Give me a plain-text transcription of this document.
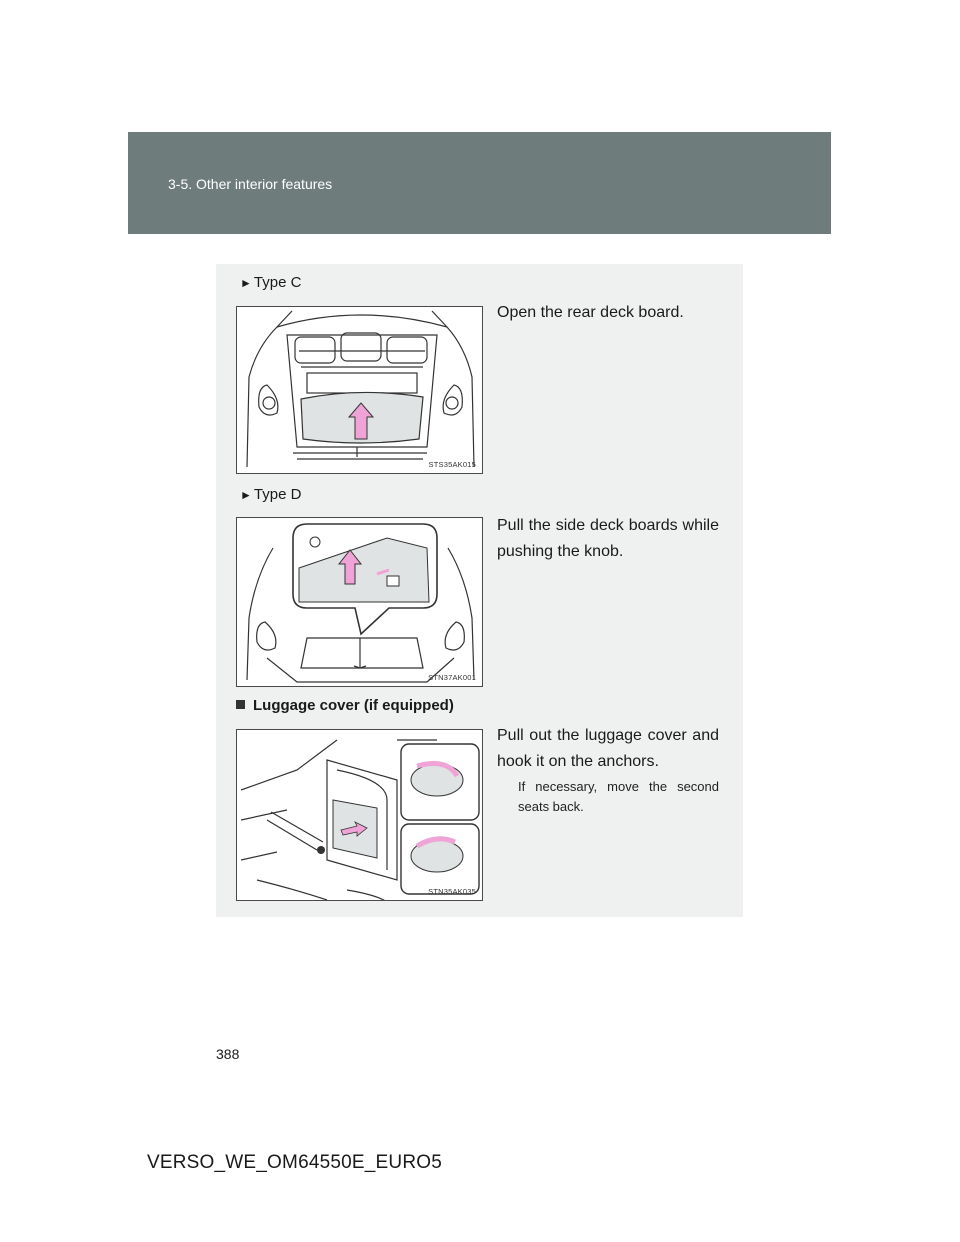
3-5. Other interior features
► Type C
STS35AK015
Open the rear deck board.
► Type D
STN37AK001
Pull the side deck boards while pushing the knob.
Luggage cover (if equipped)
STN35AK035
Pull out the luggage cover and hook it on the anchors.
If necessary, move the second seats back.
388
VERSO_WE_OM64550E_EURO5
